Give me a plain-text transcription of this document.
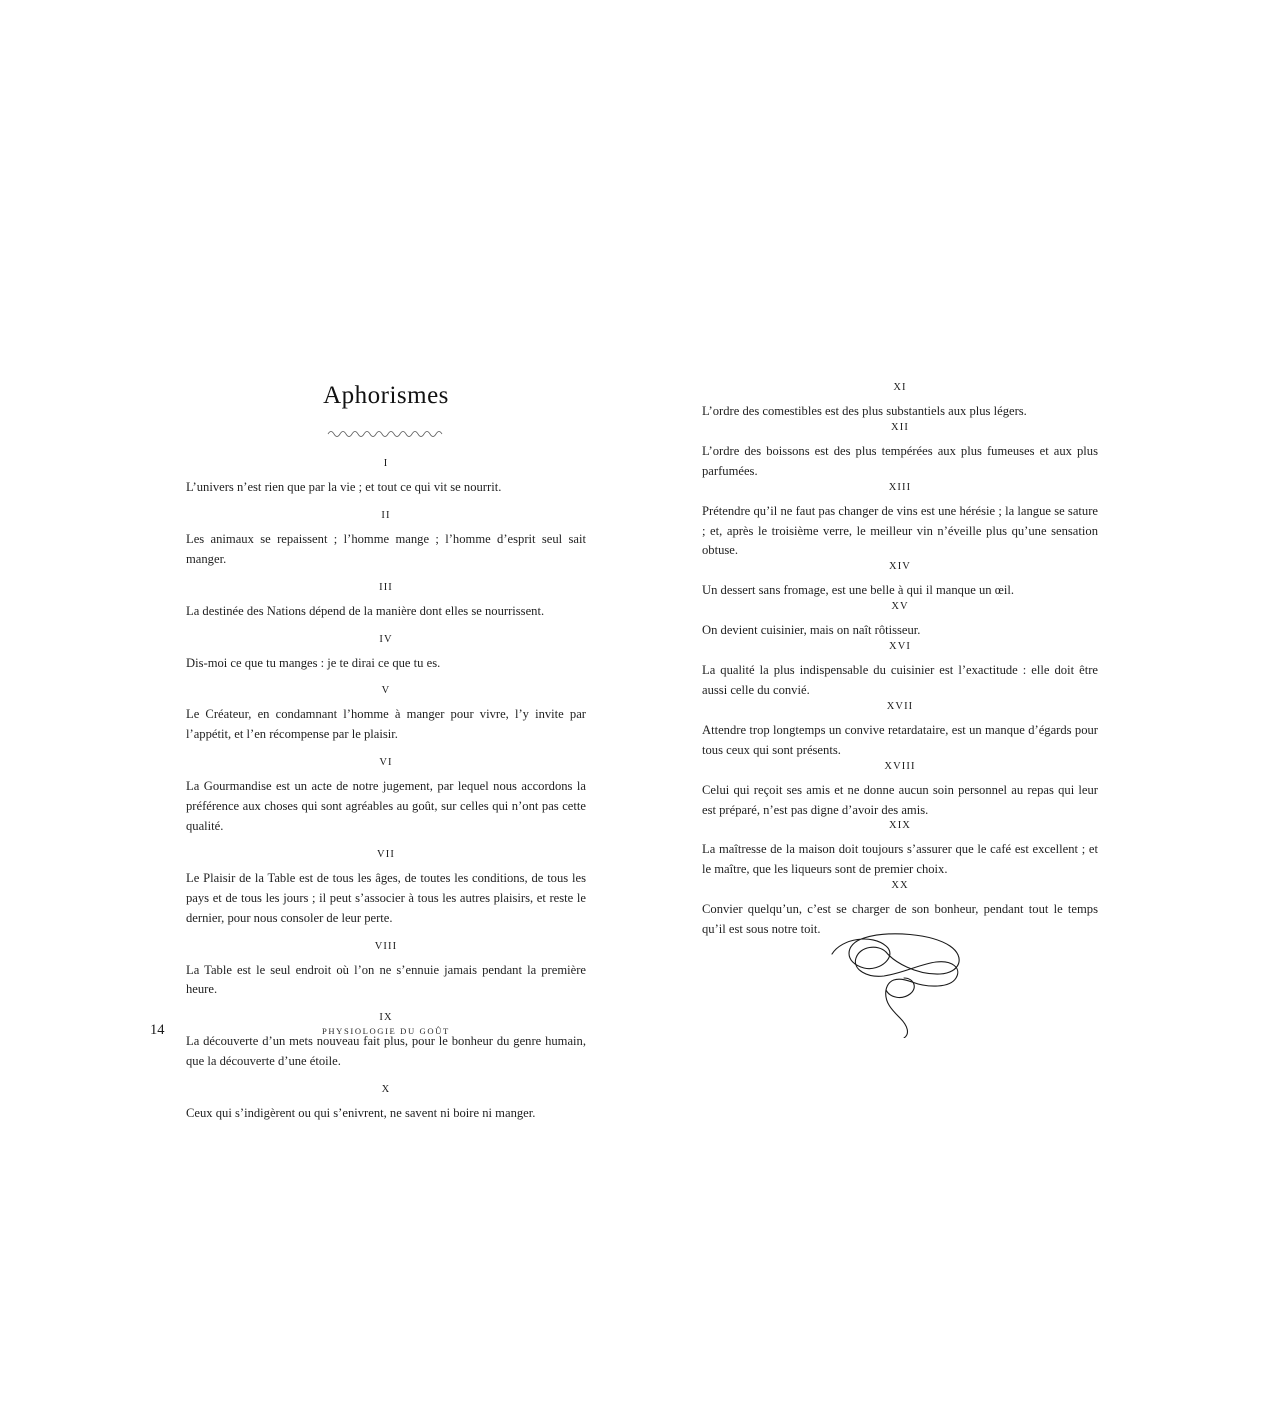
Aphorismes
I

L’univers n’est rien que par la vie ; et tout ce qui vit se nourrit.

II

Les animaux se repaissent ; l’homme mange ; l’homme d’esprit seul sait manger.

III

La destinée des Nations dépend de la manière dont elles se nourrissent.

IV

Dis-moi ce que tu manges : je te dirai ce que tu es.

V

Le Créateur, en condamnant l’homme à manger pour vivre, l’y invite par l’appétit, et l’en récompense par le plaisir.

VI

La Gourmandise est un acte de notre jugement, par lequel nous accordons la préférence aux choses qui sont agréables au goût, sur celles qui n’ont pas cette qualité.

VII

Le Plaisir de la Table est de tous les âges, de toutes les conditions, de tous les pays et de tous les jours ; il peut s’associer à tous les autres plaisirs, et reste le dernier, pour nous consoler de leur perte.

VIII

La Table est le seul endroit où l’on ne s’ennuie jamais pendant la première heure.

IX

La découverte d’un mets nouveau fait plus, pour le bonheur du genre humain, que la découverte d’une étoile.

X

Ceux qui s’indigèrent ou qui s’enivrent, ne savent ni boire ni manger.

XI

L’ordre des comestibles est des plus substantiels aux plus légers.

XII

L’ordre des boissons est des plus tempérées aux plus fumeuses et aux plus parfumées.

XIII

Prétendre qu’il ne faut pas changer de vins est une hérésie ; la langue se sature ; et, après le troisième verre, le meilleur vin n’éveille plus qu’une sensation obtuse.

XIV

Un dessert sans fromage, est une belle à qui il manque un œil.

XV

On devient cuisinier, mais on naît rôtisseur.

XVI

La qualité la plus indispensable du cuisinier est l’exactitude : elle doit être aussi celle du convié.

XVII

Attendre trop longtemps un convive retardataire, est un manque d’égards pour tous ceux qui sont présents.

XVIII

Celui qui reçoit ses amis et ne donne aucun soin personnel au repas qui leur est préparé, n’est pas digne d’avoir des amis.

XIX

La maîtresse de la maison doit toujours s’assurer que le café est excellent ; et le maître, que les liqueurs sont de premier choix.

XX

Convier quelqu’un, c’est se charger de son bonheur, pendant tout le temps qu’il est sous notre toit.

14	PHYSIOLOGIE DU GOÛT
